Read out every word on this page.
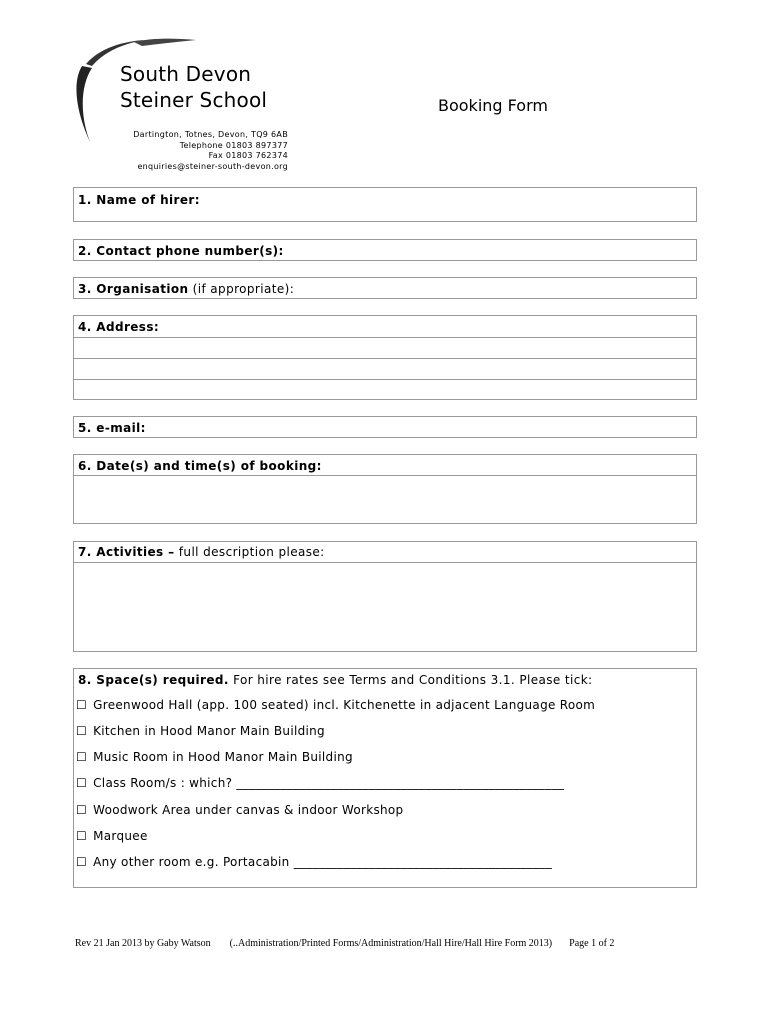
South Devon
Steiner School
Dartington, Totnes, Devon, TQ9 6AB
Telephone 01803 897377
Fax 01803 762374
enquiries@steiner-south-devon.org
Booking Form
1. Name of hirer:
2. Contact phone number(s):
3. Organisation (if appropriate):
4. Address:
5. e-mail:
6. Date(s) and time(s) of booking:
7. Activities – full description please:
8. Space(s) required. For hire rates see Terms and Conditions 3.1. Please tick:
☐ Greenwood Hall (app. 100 seated) incl. Kitchenette in adjacent Language Room
☐ Kitchen in Hood Manor Main Building
☐ Music Room in Hood Manor Main Building
☐ Class Room/s : which? ____________________________________________________
☐ Woodwork Area under canvas & indoor Workshop
☐ Marquee
☐ Any other room e.g. Portacabin _________________________________________
Rev 21 Jan 2013 by Gaby Watson (..Administration/Printed Forms/Administration/Hall Hire/Hall Hire Form 2013) Page 1 of 2
